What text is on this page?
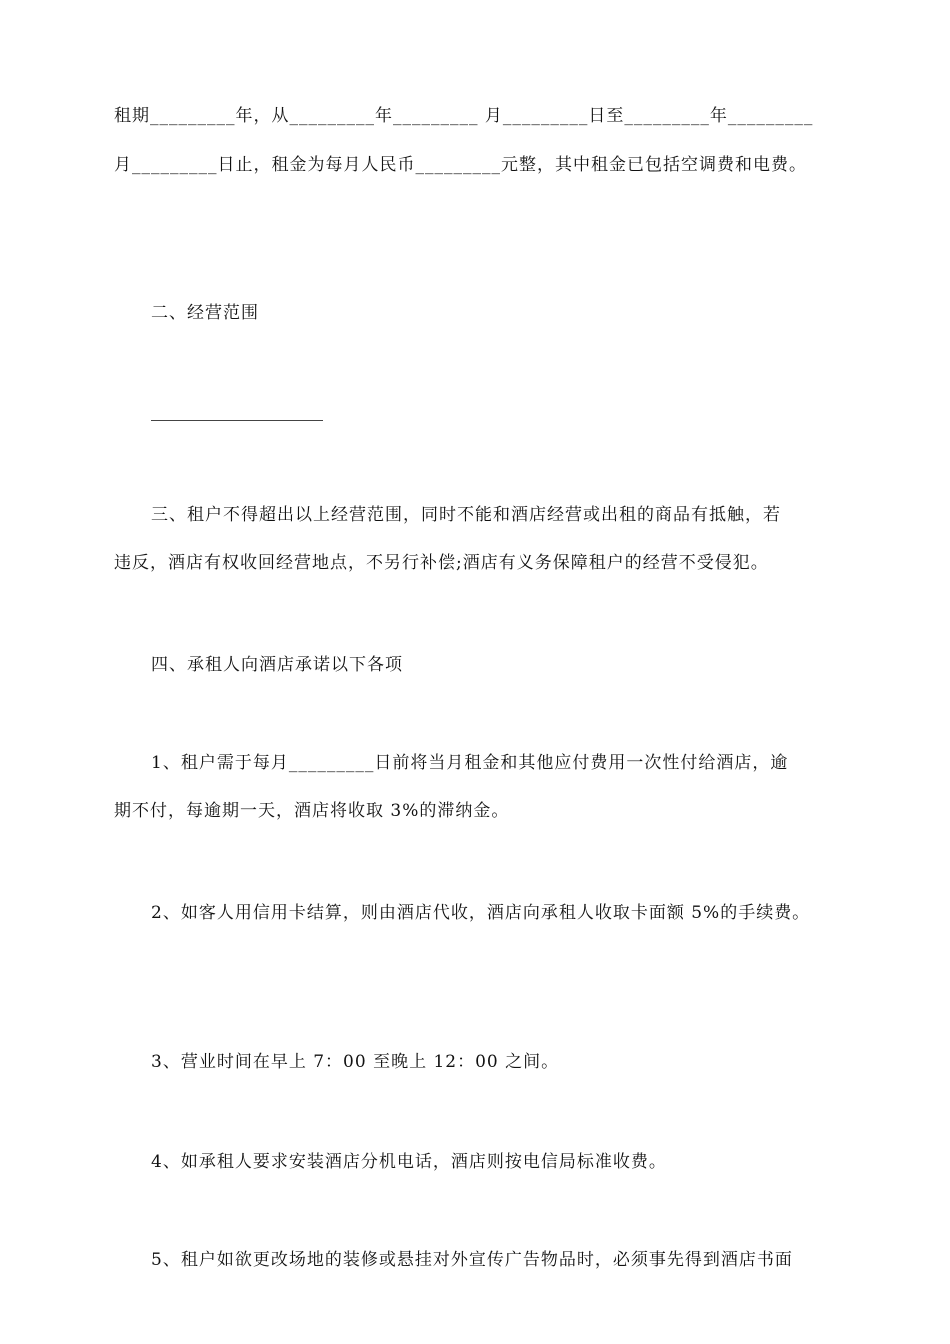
租期_________年，从_________年_________ 月_________日至_________年_________
月_________日止，租金为每月人民币_________元整，其中租金已包括空调费和电费。
二、经营范围
三、租户不得超出以上经营范围，同时不能和酒店经营或出租的商品有抵触，若
违反，酒店有权收回经营地点，不另行补偿;酒店有义务保障租户的经营不受侵犯。
四、承租人向酒店承诺以下各项
1、租户需于每月_________日前将当月租金和其他应付费用一次性付给酒店，逾
期不付，每逾期一天，酒店将收取 3%的滞纳金。
2、如客人用信用卡结算，则由酒店代收，酒店向承租人收取卡面额 5%的手续费。
3、营业时间在早上 7：00 至晚上 12：00 之间。
4、如承租人要求安装酒店分机电话，酒店则按电信局标准收费。
5、租户如欲更改场地的装修或悬挂对外宣传广告物品时，必须事先得到酒店书面
